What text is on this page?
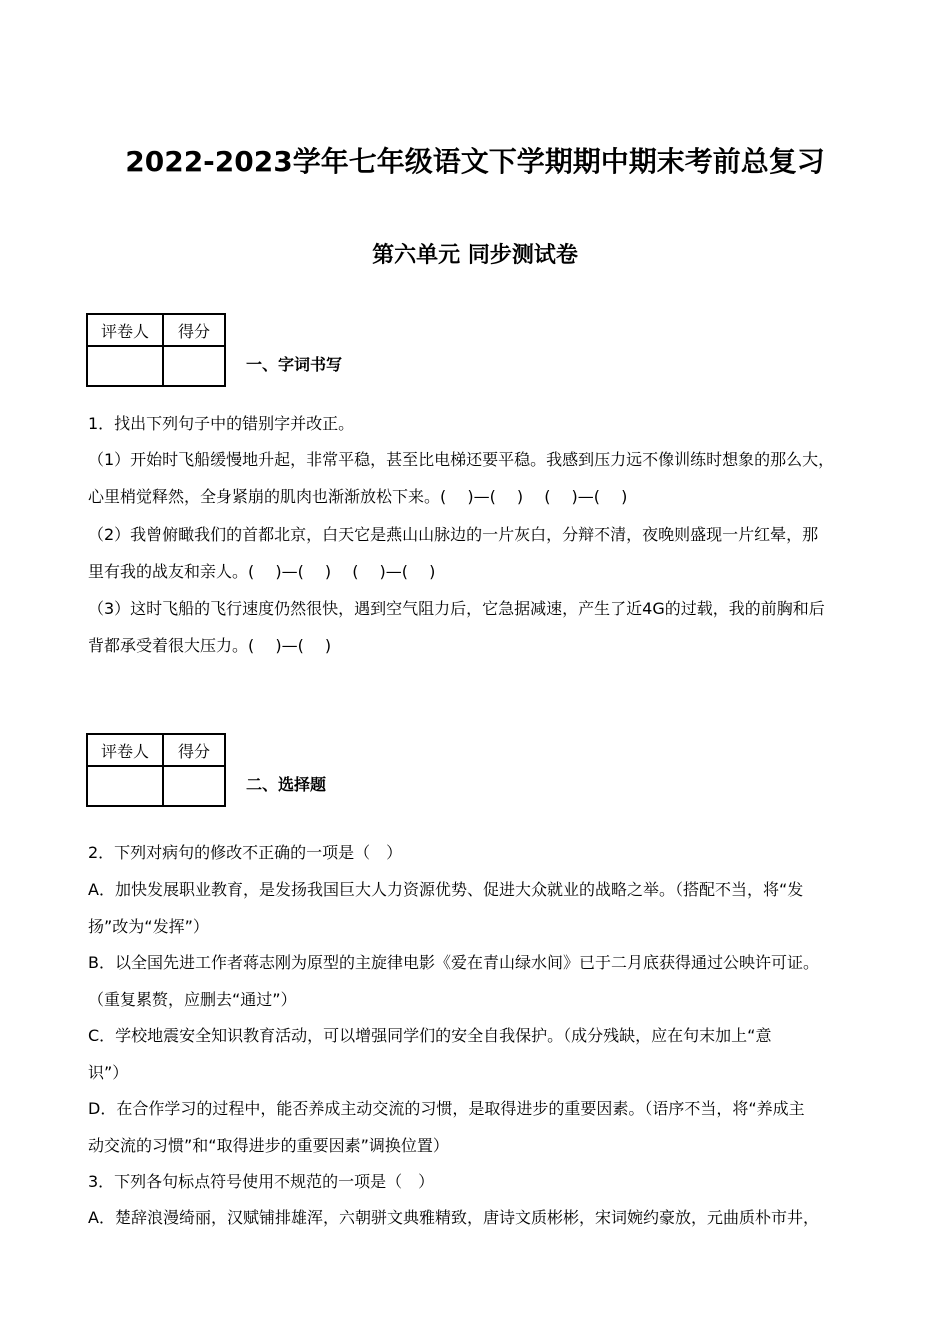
2022-2023学年七年级语文下学期期中期末考前总复习
第六单元 同步测试卷
评卷人	得分

一、字词书写
1．找出下列句子中的错别字并改正。
（1）开始时飞船缓慢地升起，非常平稳，甚至比电梯还要平稳。我感到压力远不像训练时想象的那么大，
心里梢觉释然，全身紧崩的肌肉也渐渐放松下来。(　 )—(　 )　 (　 )—(　 )
（2）我曾俯瞰我们的首都北京，白天它是燕山山脉边的一片灰白，分辩不清，夜晚则盛现一片红晕，那
里有我的战友和亲人。(　 )—(　 )　 (　 )—(　 )
（3）这时飞船的飞行速度仍然很快，遇到空气阻力后，它急据减速，产生了近4G的过载，我的前胸和后
背都承受着很大压力。(　 )—(　 )
评卷人	得分

二、选择题
2．下列对病句的修改不正确的一项是（　）
A．加快发展职业教育，是发扬我国巨大人力资源优势、促进大众就业的战略之举。（搭配不当，将“发
扬”改为“发挥”）
B．以全国先进工作者蒋志刚为原型的主旋律电影《爱在青山绿水间》已于二月底获得通过公映许可证。
（重复累赘，应删去“通过”）
C．学校地震安全知识教育活动，可以增强同学们的安全自我保护。（成分残缺，应在句末加上“意
识”）
D．在合作学习的过程中，能否养成主动交流的习惯，是取得进步的重要因素。（语序不当，将“养成主
动交流的习惯”和“取得进步的重要因素”调换位置）
3．下列各句标点符号使用不规范的一项是（　）
A．楚辞浪漫绮丽，汉赋铺排雄浑，六朝骈文典雅精致，唐诗文质彬彬，宋词婉约豪放，元曲质朴市井，
